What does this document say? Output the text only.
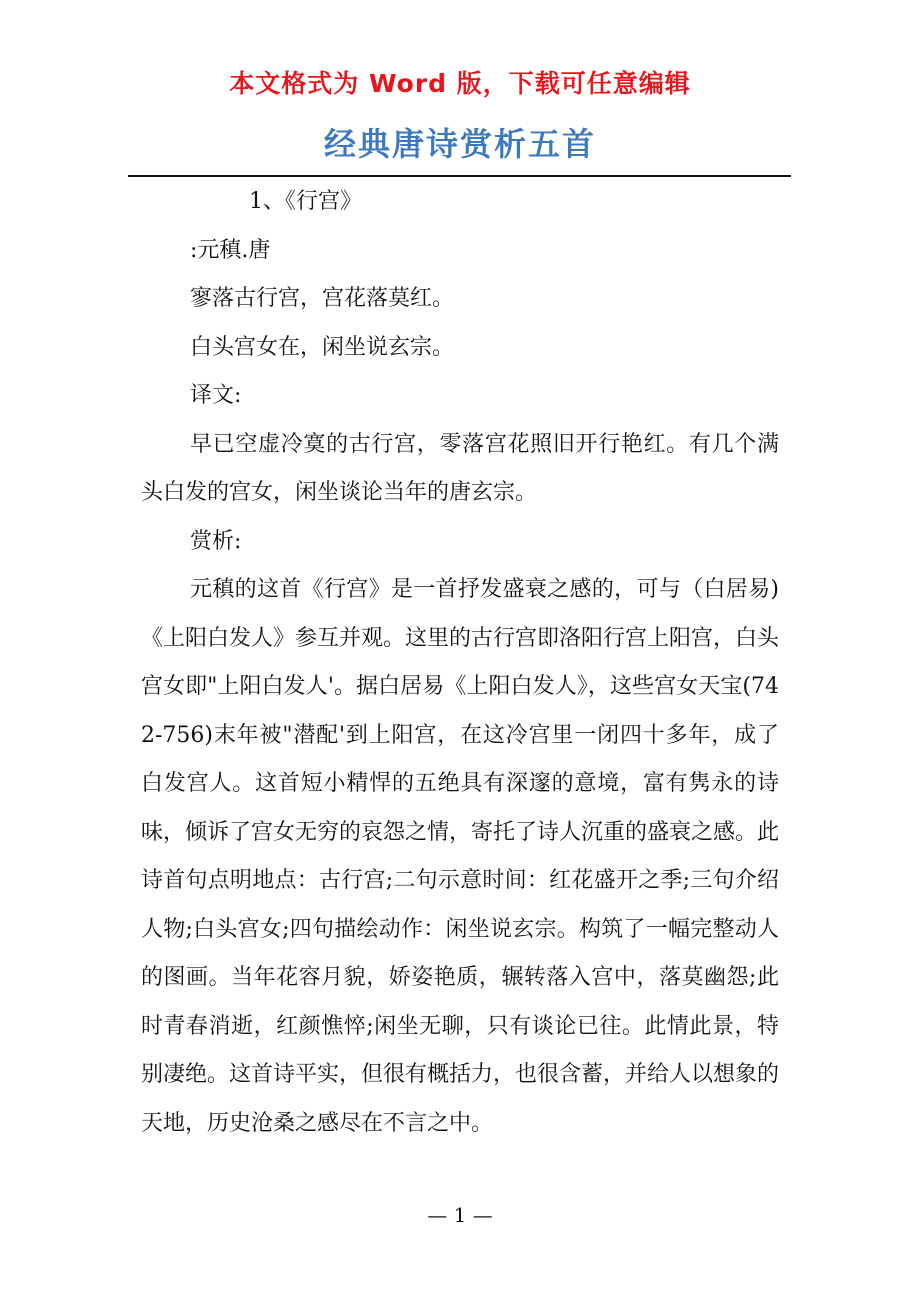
本文格式为 Word 版，下载可任意编辑
经典唐诗赏析五首

1、《行宫》

:元稹.唐

寥落古行宫，宫花落莫红。

白头宫女在，闲坐说玄宗。

译文:

早已空虚冷寞的古行宫，零落宫花照旧开行艳红。有几个满头白发的宫女，闲坐谈论当年的唐玄宗。

赏析:

元稹的这首《行宫》是一首抒发盛衰之感的，可与（白居易)《上阳白发人》参互并观。这里的古行宫即洛阳行宫上阳宫，白头宫女即"上阳白发人'。据白居易《上阳白发人》，这些宫女天宝(742-756)末年被"潜配'到上阳宫，在这冷宫里一闭四十多年，成了白发宫人。这首短小精悍的五绝具有深邃的意境，富有隽永的诗味，倾诉了宫女无穷的哀怨之情，寄托了诗人沉重的盛衰之感。此诗首句点明地点：古行宫;二句示意时间：红花盛开之季;三句介绍人物;白头宫女;四句描绘动作：闲坐说玄宗。构筑了一幅完整动人的图画。当年花容月貌，娇姿艳质，辗转落入宫中，落莫幽怨;此时青春消逝，红颜憔悴;闲坐无聊，只有谈论已往。此情此景，特别凄绝。这首诗平实，但很有概括力，也很含蓄，并给人以想象的天地，历史沧桑之感尽在不言之中。

— 1 —
